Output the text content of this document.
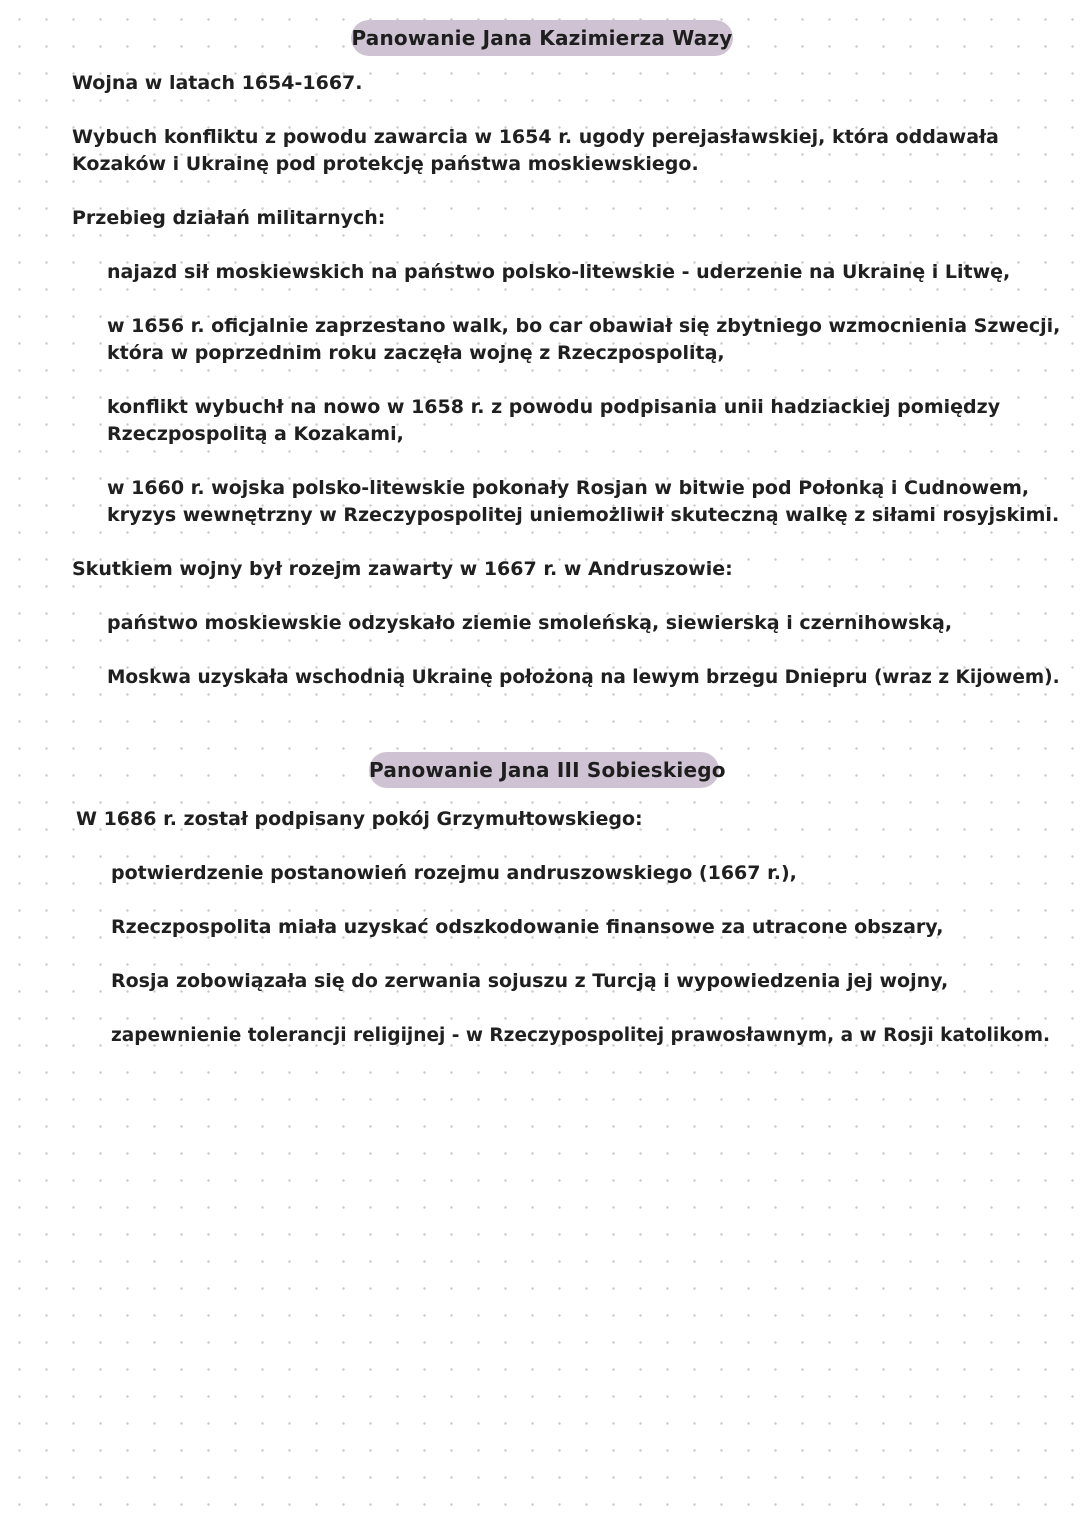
Panowanie Jana Kazimierza Wazy
Wojna w latach 1654-1667.
Wybuch konfliktu z powodu zawarcia w 1654 r. ugody perejasławskiej, która oddawała
Kozaków i Ukrainę pod protekcję państwa moskiewskiego.
Przebieg działań militarnych:
najazd sił moskiewskich na państwo polsko-litewskie - uderzenie na Ukrainę i Litwę,
w 1656 r. oficjalnie zaprzestano walk, bo car obawiał się zbytniego wzmocnienia Szwecji,
która w poprzednim roku zaczęła wojnę z Rzeczpospolitą,
konflikt wybuchł na nowo w 1658 r. z powodu podpisania unii hadziackiej pomiędzy
Rzeczpospolitą a Kozakami,
w 1660 r. wojska polsko-litewskie pokonały Rosjan w bitwie pod Połonką i Cudnowem,
kryzys wewnętrzny w Rzeczypospolitej uniemożliwił skuteczną walkę z siłami rosyjskimi.
Skutkiem wojny był rozejm zawarty w 1667 r. w Andruszowie:
państwo moskiewskie odzyskało ziemie smoleńską, siewierską i czernihowską,
Moskwa uzyskała wschodnią Ukrainę położoną na lewym brzegu Dniepru (wraz z Kijowem).
Panowanie Jana III Sobieskiego
W 1686 r. został podpisany pokój Grzymułtowskiego:
potwierdzenie postanowień rozejmu andruszowskiego (1667 r.),
Rzeczpospolita miała uzyskać odszkodowanie finansowe za utracone obszary,
Rosja zobowiązała się do zerwania sojuszu z Turcją i wypowiedzenia jej wojny,
zapewnienie tolerancji religijnej - w Rzeczypospolitej prawosławnym, a w Rosji katolikom.
